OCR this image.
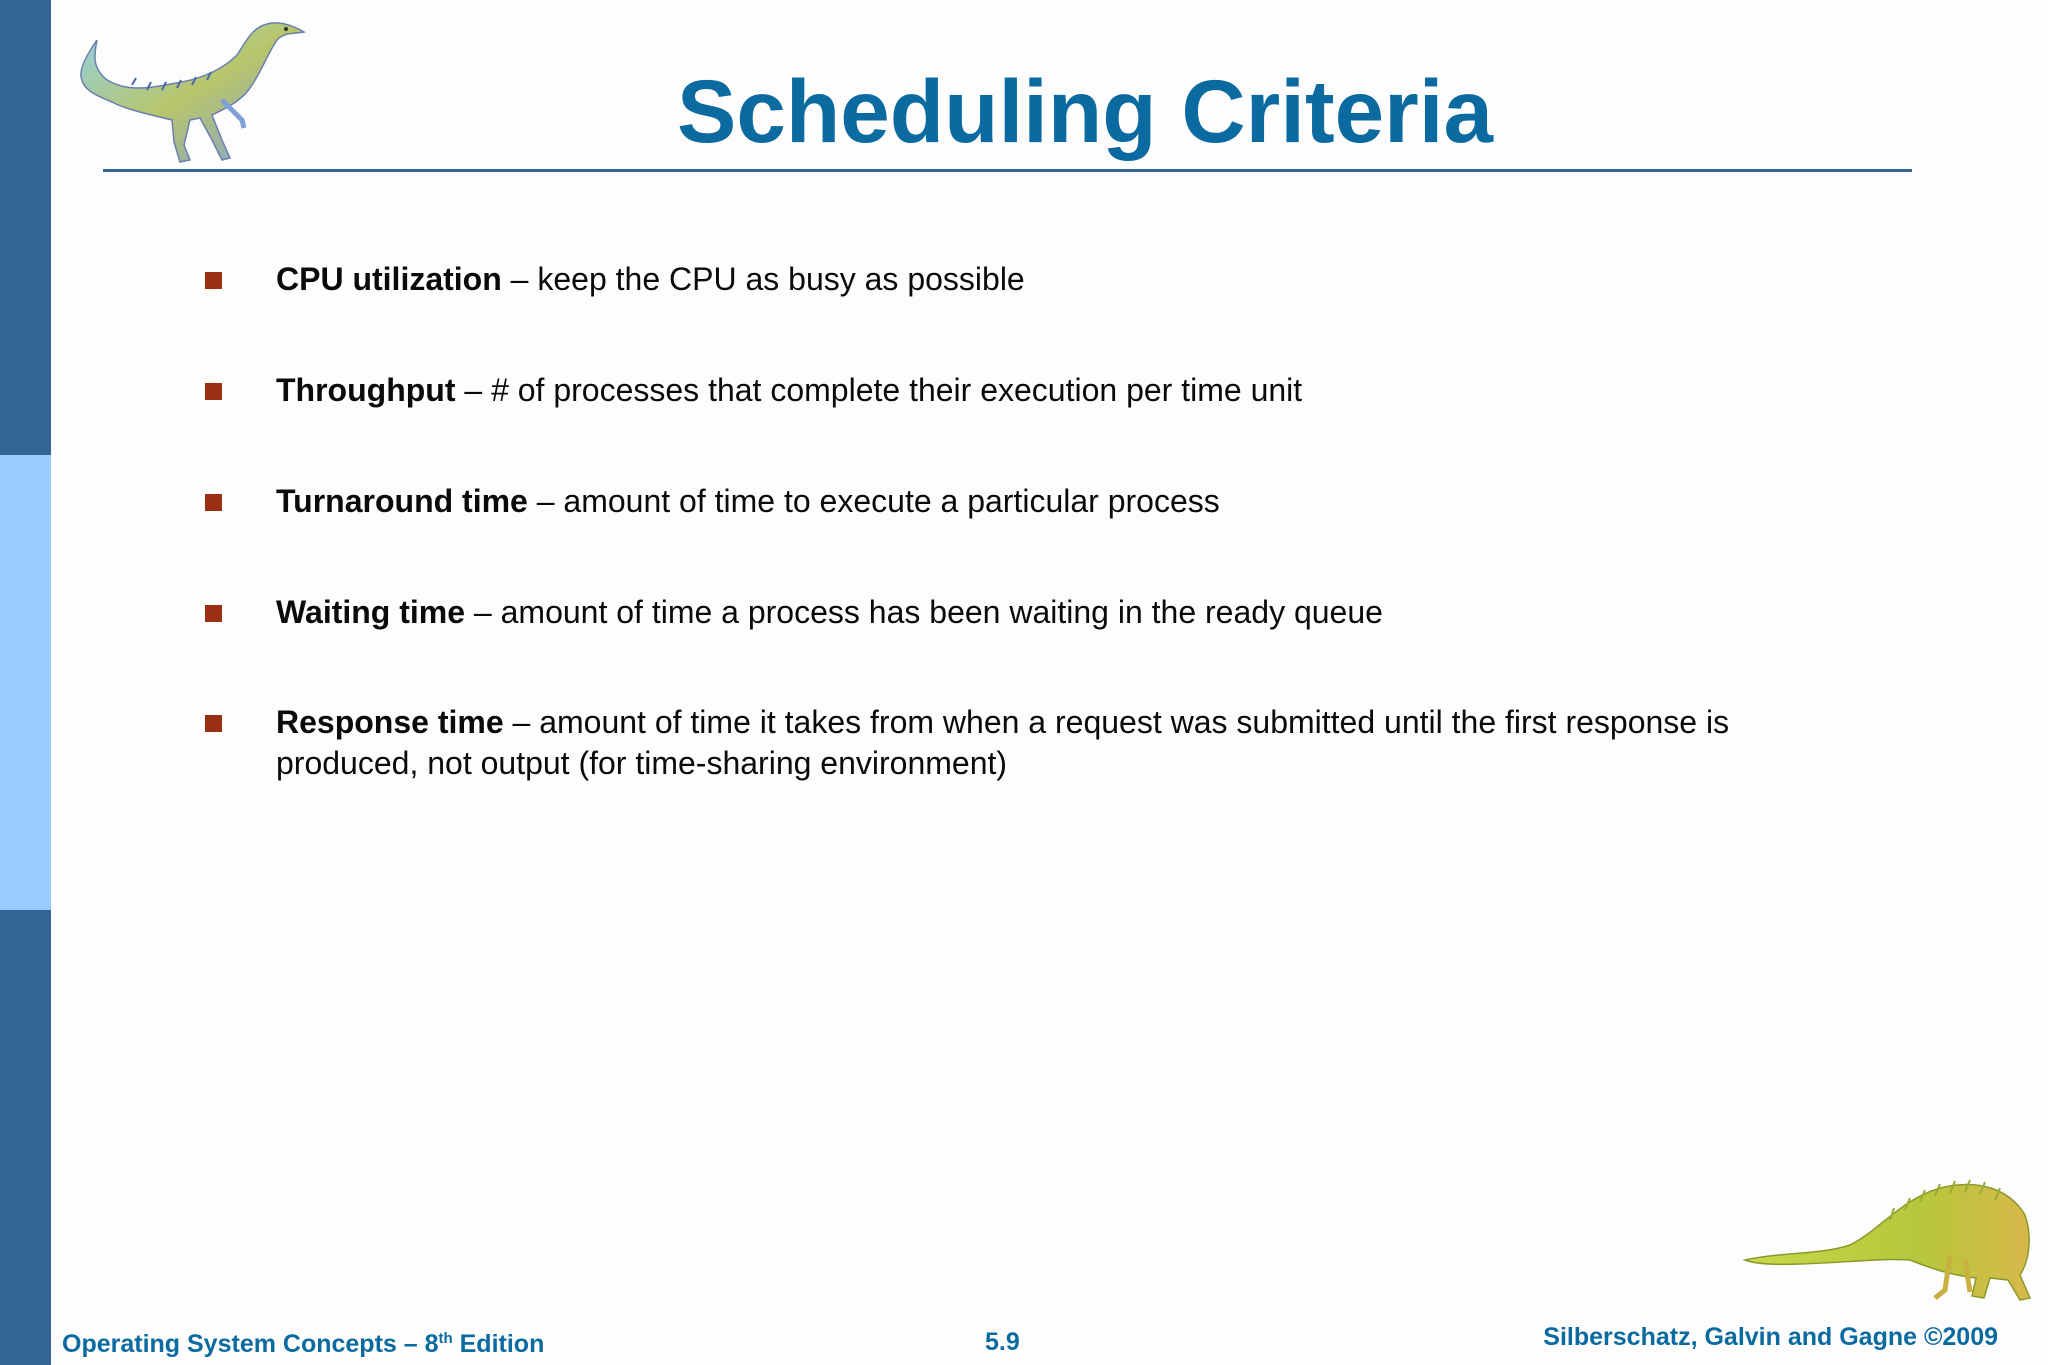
Scheduling Criteria
CPU utilization – keep the CPU as busy as possible
Throughput – # of processes that complete their execution per time unit
Turnaround time – amount of time to execute a particular process
Waiting time – amount of time a process has been waiting in the ready queue
Response time – amount of time it takes from when a request was submitted until the first response is produced, not output (for time-sharing environment)
Operating System Concepts – 8th Edition	5.9	Silberschatz, Galvin and Gagne ©2009
